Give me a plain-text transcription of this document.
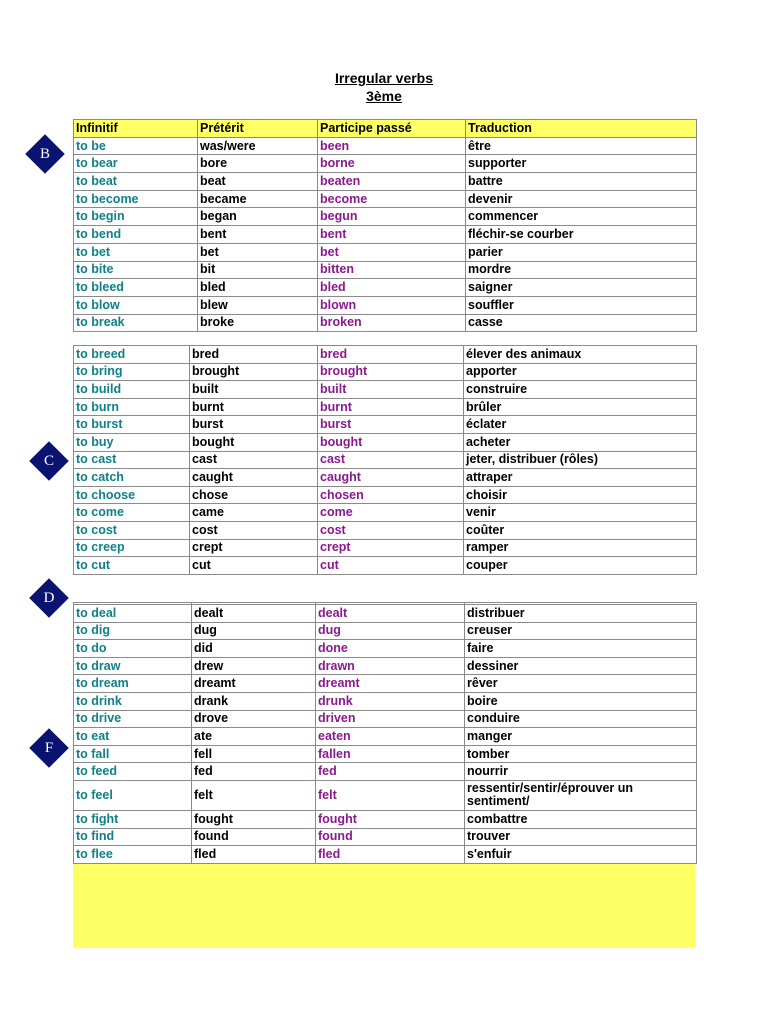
Irregular verbs
3ème
Infinitif	Prétérit	Participe passé	Traduction
to be	was/were	been	être
to bear	bore	borne	supporter
to beat	beat	beaten	battre
to become	became	become	devenir
to begin	began	begun	commencer
to bend	bent	bent	fléchir-se courber
to bet	bet	bet	parier
to bite	bit	bitten	mordre
to bleed	bled	bled	saigner
to blow	blew	blown	souffler
to break	broke	broken	casse
to breed	bred	bred	élever des animaux
to bring	brought	brought	apporter
to build	built	built	construire
to burn	burnt	burnt	brûler
to burst	burst	burst	éclater
to buy	bought	bought	acheter
to cast	cast	cast	jeter, distribuer (rôles)
to catch	caught	caught	attraper
to choose	chose	chosen	choisir
to come	came	come	venir
to cost	cost	cost	coûter
to creep	crept	crept	ramper
to cut	cut	cut	couper

to deal	dealt	dealt	distribuer
to dig	dug	dug	creuser
to do	did	done	faire
to draw	drew	drawn	dessiner
to dream	dreamt	dreamt	rêver
to drink	drank	drunk	boire
to drive	drove	driven	conduire
to eat	ate	eaten	manger
to fall	fell	fallen	tomber
to feed	fed	fed	nourrir
to feel	felt	felt	ressentir/sentir/éprouver un sentiment/
to fight	fought	fought	combattre
to find	found	found	trouver
to flee	fled	fled	s'enfuir
B
C
D
F
